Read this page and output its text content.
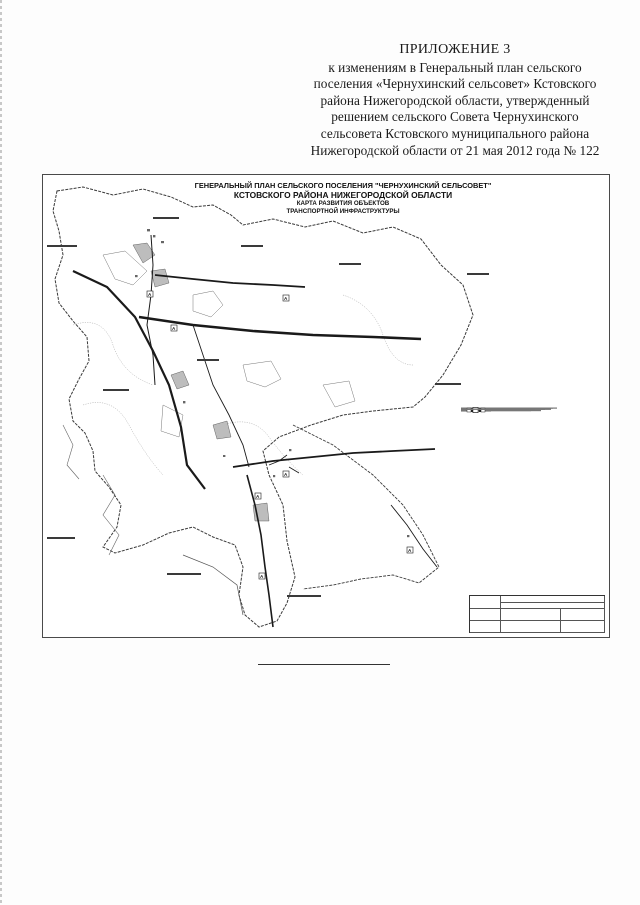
ПРИЛОЖЕНИЕ 3
к изменениям в Генеральный план сельского
поселения «Чернухинский сельсовет» Кстовского
района Нижегородской области, утвержденный
решением сельского Совета Чернухинского
сельсовета Кстовского муниципального района
Нижегородской области от 21 мая 2012 года № 122
A
A
A
A
A
A
A
ГЕНЕРАЛЬНЫЙ ПЛАН СЕЛЬСКОГО ПОСЕЛЕНИЯ "ЧЕРНУХИНСКИЙ СЕЛЬСОВЕТ"
КСТОВСКОГО РАЙОНА НИЖЕГОРОДСКОЙ ОБЛАСТИ
КАРТА РАЗВИТИЯ ОБЪЕКТОВ
ТРАНСПОРТНОЙ ИНФРАСТРУКТУРЫ
